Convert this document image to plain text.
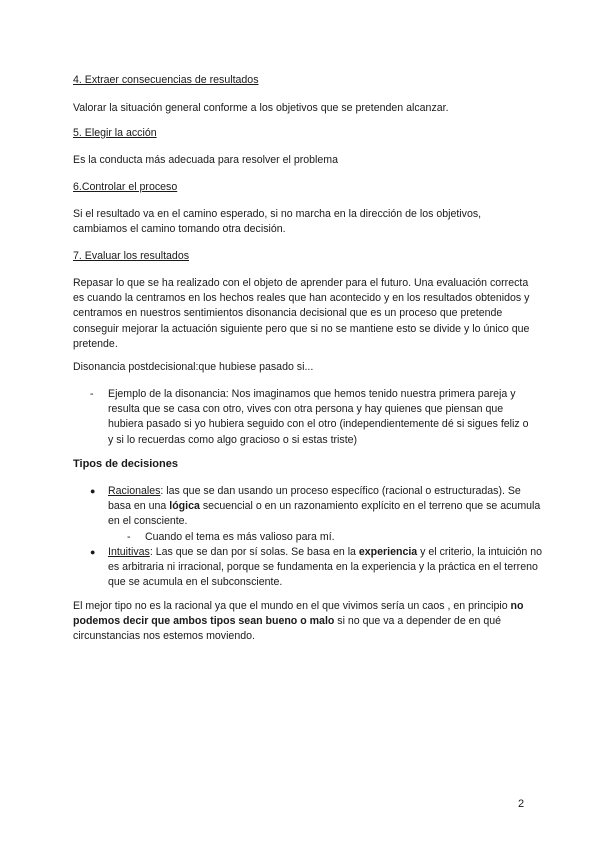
4. Extraer consecuencias de resultados

Valorar la situación general conforme a los objetivos que se pretenden alcanzar.

5. Elegir la acción

Es la conducta más adecuada para resolver el problema

6.Controlar el proceso

Si el resultado va en el camino esperado, si no marcha en la dirección de los objetivos, cambiamos el camino tomando otra decisión.

7. Evaluar los resultados

Repasar lo que se ha realizado con el objeto de aprender para el futuro. Una evaluación correcta es cuando la centramos en los hechos reales que han acontecido y en los resultados obtenidos y centramos en nuestros sentimientos disonancia decisional que es un proceso que pretende conseguir mejorar la actuación siguiente pero que si no se mantiene esto se divide y lo único que pretende.

Disonancia postdecisional:que hubiese pasado si...

- Ejemplo de la disonancia: Nos imaginamos que hemos tenido nuestra primera pareja y resulta que se casa con otro, vives con otra persona y hay quienes que piensan que hubiera pasado si yo hubiera seguido con el otro (independientemente dé si sigues feliz o y si lo recuerdas como algo gracioso o si estas triste)

Tipos de decisiones

● Racionales: las que se dan usando un proceso específico (racional o estructuradas). Se basa en una lógica secuencial o en un razonamiento explícito en el terreno que se acumula en el consciente.
- Cuando el tema es más valioso para mí.
● Intuitivas: Las que se dan por sí solas. Se basa en la experiencia y el criterio, la intuición no es arbitraria ni irracional, porque se fundamenta en la experiencia y la práctica en el terreno que se acumula en el subconsciente.

El mejor tipo no es la racional ya que el mundo en el que vivimos sería un caos , en principio no podemos decir que ambos tipos sean bueno o malo si no que va a depender de en qué circunstancias nos estemos moviendo.

2
